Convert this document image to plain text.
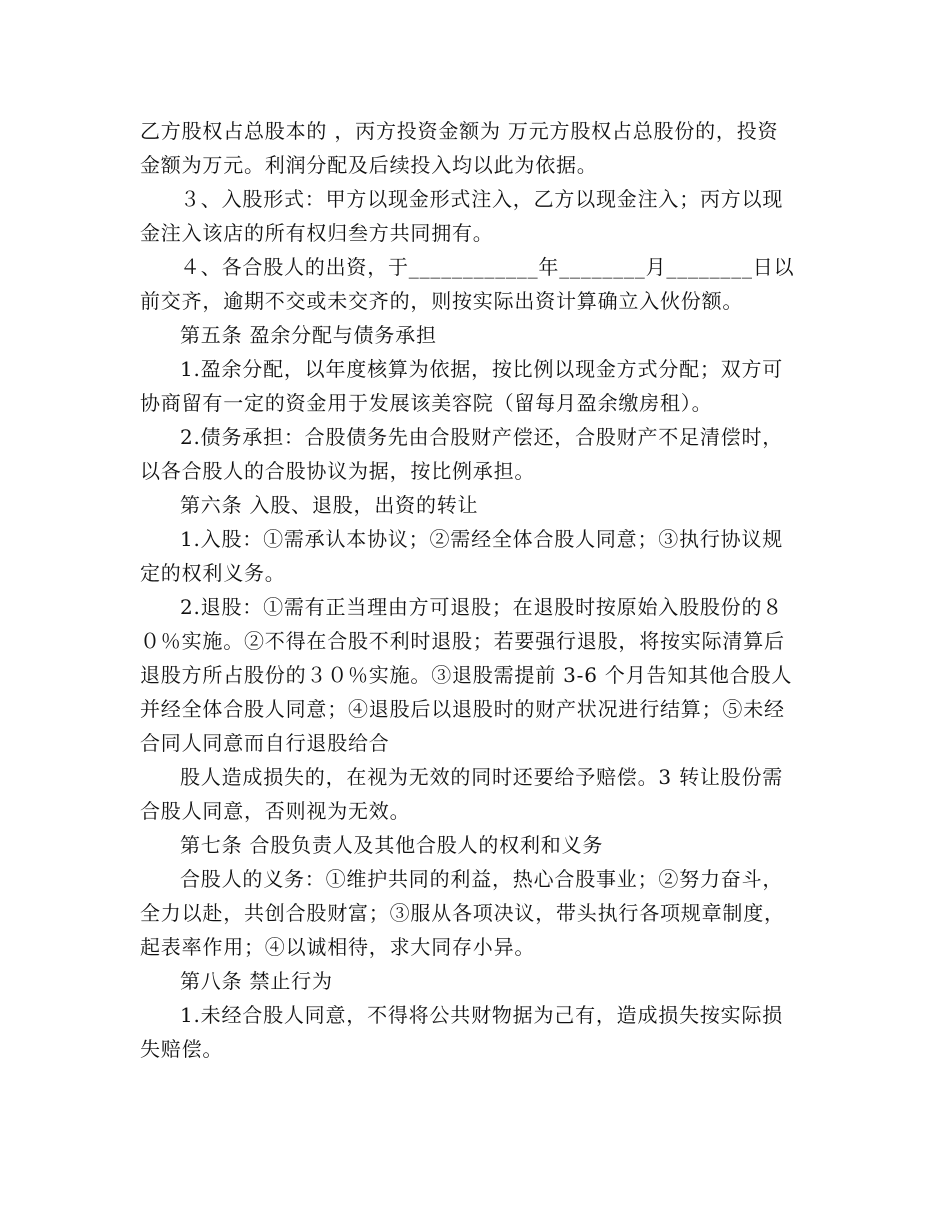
乙方股权占总股本的 ，丙方投资金额为 万元方股权占总股份的，投资
金额为万元。利润分配及后续投入均以此为依据。
３、入股形式：甲方以现金形式注入，乙方以现金注入；丙方以现
金注入该店的所有权归叁方共同拥有。
４、各合股人的出资，于____________年________月________日以
前交齐，逾期不交或未交齐的，则按实际出资计算确立入伙份额。
第五条 盈余分配与债务承担
1.盈余分配，以年度核算为依据，按比例以现金方式分配；双方可
协商留有一定的资金用于发展该美容院（留每月盈余缴房租）。
2.债务承担：合股债务先由合股财产偿还，合股财产不足清偿时，
以各合股人的合股协议为据，按比例承担。
第六条 入股、退股，出资的转让
1.入股：①需承认本协议；②需经全体合股人同意；③执行协议规
定的权利义务。
2.退股：①需有正当理由方可退股；在退股时按原始入股股份的８
０％实施。②不得在合股不利时退股；若要强行退股，将按实际清算后
退股方所占股份的３０％实施。③退股需提前 3-6 个月告知其他合股人
并经全体合股人同意；④退股后以退股时的财产状况进行结算；⑤未经
合同人同意而自行退股给合
股人造成损失的，在视为无效的同时还要给予赔偿。3 转让股份需
合股人同意，否则视为无效。
第七条 合股负责人及其他合股人的权利和义务
合股人的义务：①维护共同的利益，热心合股事业；②努力奋斗，
全力以赴，共创合股财富；③服从各项决议，带头执行各项规章制度，
起表率作用；④以诚相待，求大同存小异。
第八条 禁止行为
1.未经合股人同意，不得将公共财物据为己有，造成损失按实际损
失赔偿。
